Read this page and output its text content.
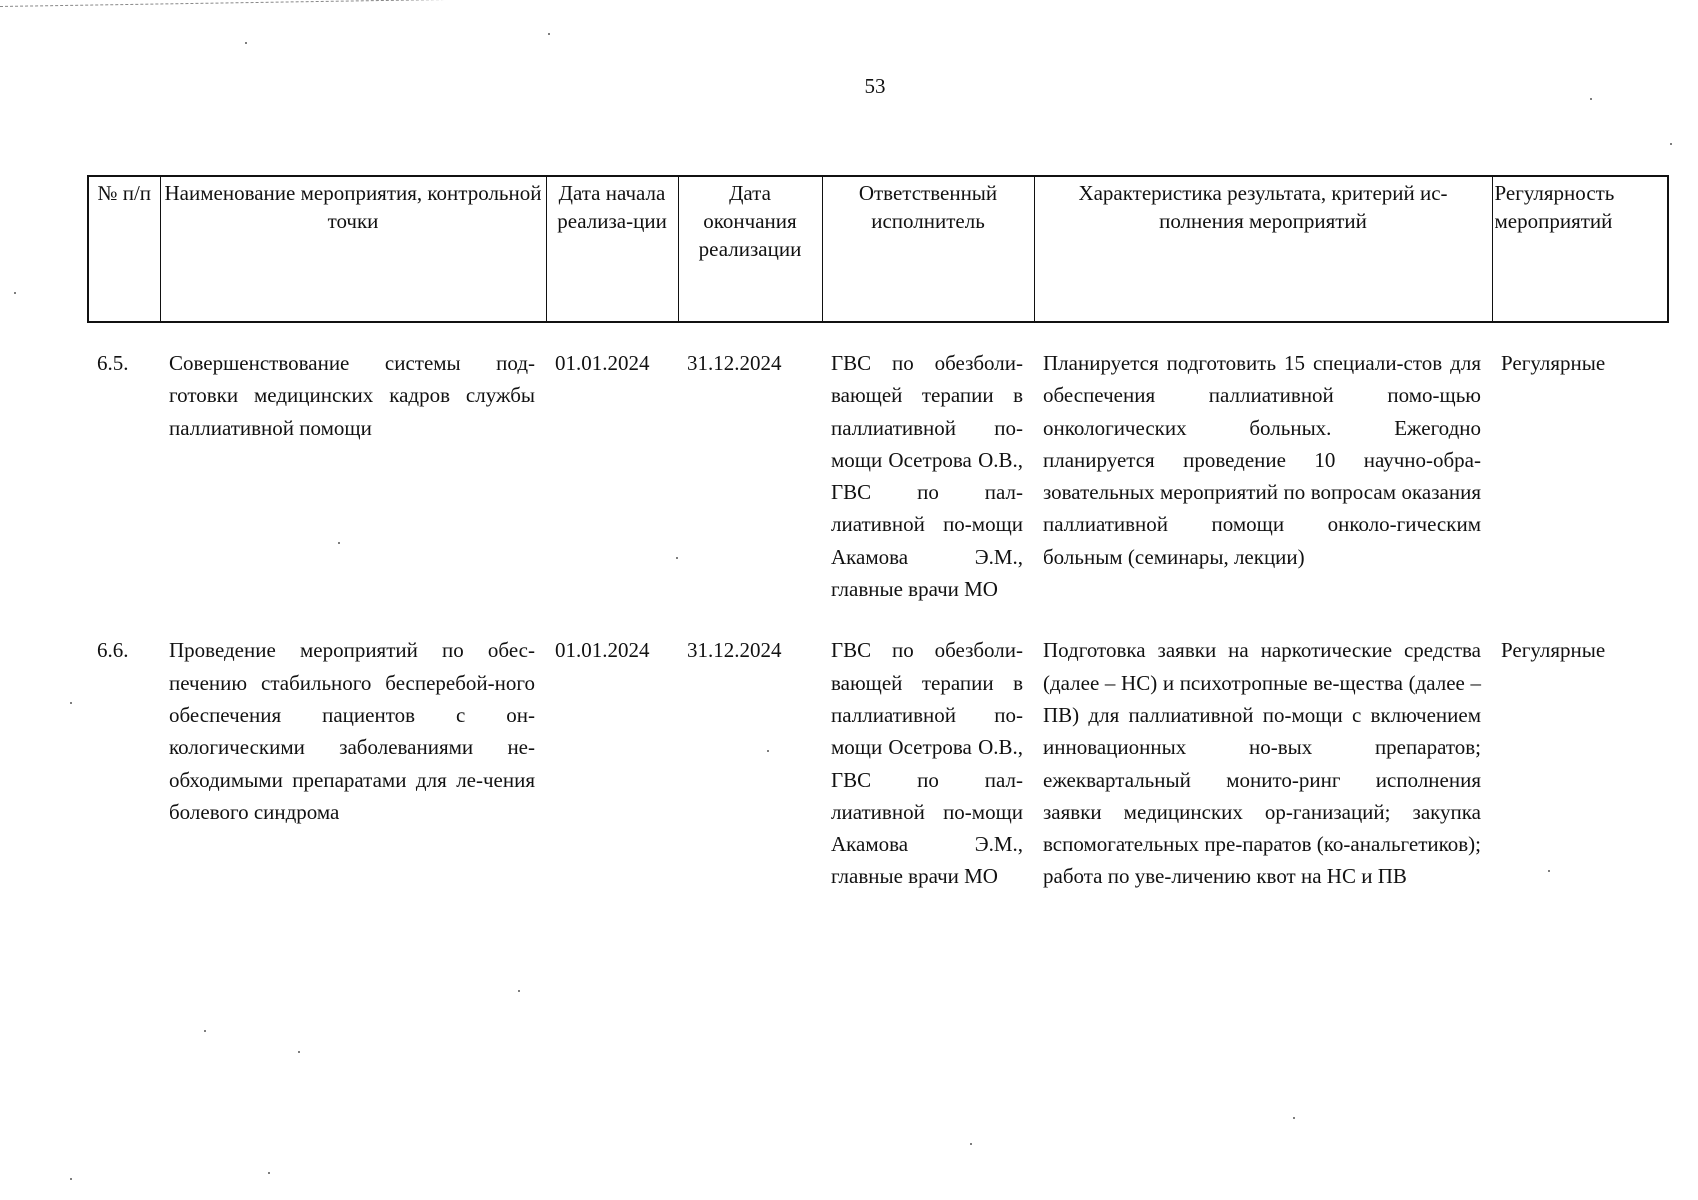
53
№ п/п	Наименование мероприятия, контрольной точки	Дата начала реализа-ции	Дата окончания реализации	Ответственный исполнитель	Характеристика результата, критерий ис-полнения мероприятий	Регулярность мероприятий
6.5.	Совершенствование системы под-готовки медицинских кадров службы паллиативной помощи	01.01.2024	31.12.2024	ГВС по обезболи-вающей терапии в паллиативной по-мощи Осетрова О.В., ГВС по пал-лиативной по-мощи Акамова Э.М., главные врачи МО	Планируется подготовить 15 специали-стов для обеспечения паллиативной помо-щью онкологических больных. Ежегодно планируется проведение 10 научно-обра-зовательных мероприятий по вопросам оказания паллиативной помощи онколо-гическим больным (семинары, лекции)	Регулярные
6.6.	Проведение мероприятий по обес-печению стабильного бесперебой-ного обеспечения пациентов с он-кологическими заболеваниями не-обходимыми препаратами для ле-чения болевого синдрома	01.01.2024	31.12.2024	ГВС по обезболи-вающей терапии в паллиативной по-мощи Осетрова О.В., ГВС по пал-лиативной по-мощи Акамова Э.М., главные врачи МО	Подготовка заявки на наркотические средства (далее – НС) и психотропные ве-щества (далее – ПВ) для паллиативной по-мощи с включением инновационных но-вых препаратов; ежеквартальный монито-ринг исполнения заявки медицинских ор-ганизаций; закупка вспомогательных пре-паратов (ко-анальгетиков); работа по уве-личению квот на НС и ПВ	Регулярные
